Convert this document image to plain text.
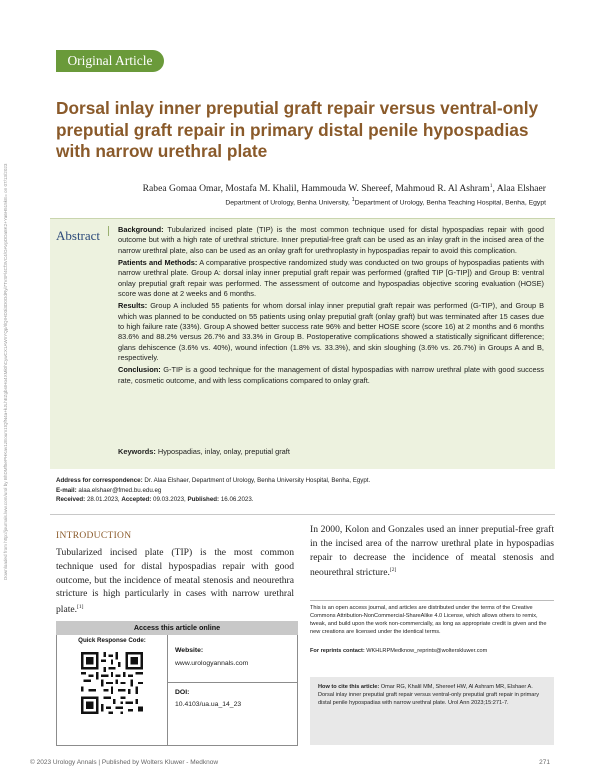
Original Article
Downloaded from http://journals.lww.com/urol by BhDMf5ePHKav1zEoum1tQfN4a+kJLhEZgbsIHo4XMi0hCywCX1AWnYQp/IlQrHD3i3D0OdRyi7TvSFl4Cf3VC4/OAVpDDa8K2+Ya6H515kE= on 07/13/2023
Dorsal inlay inner preputial graft repair versus ventral-only preputial graft repair in primary distal penile hypospadias with narrow urethral plate
Rabea Gomaa Omar, Mostafa M. Khalil, Hammouda W. Shereef, Mahmoud R. Al Ashram$^1$, Alaa Elshaer
Department of Urology, Benha University, $^1$Department of Urology, Benha Teaching Hospital, Benha, Egypt
Abstract Background: Tubularized incised plate (TIP) is the most common technique used for distal hypospadias repair with good outcome but with a high rate of urethral stricture. Inner preputial-free graft can be used as an inlay graft in the incised area of the narrow urethral plate, also can be used as an onlay graft for urethroplasty in hypospadias repair to avoid this complication.

Patients and Methods: A comparative prospective randomized study was conducted on two groups of hypospadias patients with narrow urethral plate. Group A: dorsal inlay inner preputial graft repair was performed (grafted TIP [G-TIP]) and Group B: ventral onlay preputial graft repair was performed. The assessment of outcome and hypospadias objective scoring evaluation (HOSE) score was done at 2 weeks and 6 months.

Results: Group A included 55 patients for whom dorsal inlay inner preputial graft repair was performed (G-TIP), and Group B which was planned to be conducted on 55 patients using onlay preputial graft (onlay graft) but was terminated after 15 cases due to high failure rate (33%). Group A showed better success rate 96% and better HOSE score (score 16) at 2 months and 6 months 83.6% and 88.2% versus 26.7% and 33.3% in Group B. Postoperative complications showed a statistically significant difference; glans dehiscence (3.6% vs. 40%), wound infection (1.8% vs. 33.3%), and skin sloughing (3.6% vs. 26.7%) in Groups A and B, respectively.

Conclusion: G-TIP is a good technique for the management of distal hypospadias with narrow urethral plate with good success rate, cosmetic outcome, and with less complications compared to onlay graft.

Keywords: Hypospadias, inlay, onlay, preputial graft
Address for correspondence: Dr. Alaa Elshaer, Department of Urology, Benha University Hospital, Benha, Egypt.
E-mail: alaa.elshaer@fmed.bu.edu.eg
Received: 28.01.2023, Accepted: 09.03.2023, Published: 16.06.2023.
INTRODUCTION
Tubularized incised plate (TIP) is the most common technique used for distal hypospadias repair with good outcome, but the incidence of meatal stenosis and neourethra stricture is high particularly in cases with narrow urethral plate.[1]
In 2000, Kolon and Gonzales used an inner preputial-free graft in the incised area of the narrow urethral plate in hypospadias repair to decrease the incidence of meatal stenosis and neourethral stricture.[2]
Access this article online
Quick Response Code:
Website:
www.urologyannals.com
DOI:
10.4103/ua.ua_14_23
This is an open access journal, and articles are distributed under the terms of the Creative Commons Attribution-NonCommercial-ShareAlike 4.0 License, which allows others to remix, tweak, and build upon the work non-commercially, as long as appropriate credit is given and the new creations are licensed under the identical terms.
For reprints contact: WKHLRPMedknow_reprints@wolterskluwer.com
How to cite this article: Omar RG, Khalil MM, Shereef HW, Al Ashram MR, Elshaer A. Dorsal inlay inner preputial graft repair versus ventral-only preputial graft repair in primary distal penile hypospadias with narrow urethral plate. Urol Ann 2023;15:271-7.
© 2023 Urology Annals | Published by Wolters Kluwer - Medknow	271
